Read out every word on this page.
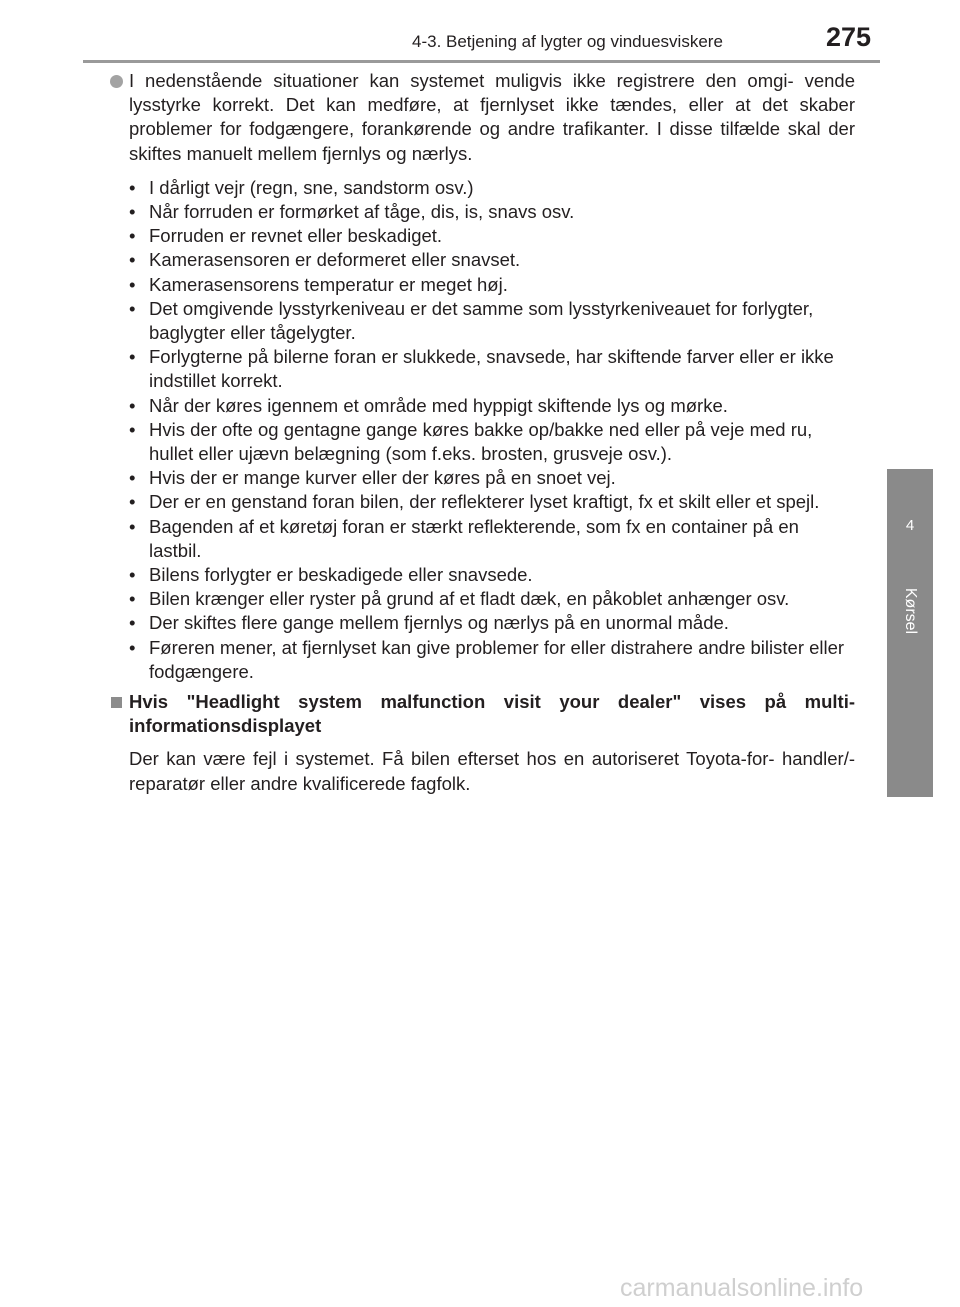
4-3. Betjening af lygter og vinduesviskere	275
4
Kørsel
I nedenstående situationer kan systemet muligvis ikke registrere den omgi- vende lysstyrke korrekt. Det kan medføre, at fjernlyset ikke tændes, eller at det skaber problemer for fodgængere, forankørende og andre trafikanter. I disse tilfælde skal der skiftes manuelt mellem fjernlys og nærlys.
• I dårligt vejr (regn, sne, sandstorm osv.)
• Når forruden er formørket af tåge, dis, is, snavs osv.
• Forruden er revnet eller beskadiget.
• Kamerasensoren er deformeret eller snavset.
• Kamerasensorens temperatur er meget høj.
• Det omgivende lysstyrkeniveau er det samme som lysstyrkeniveauet for forlygter, baglygter eller tågelygter.
• Forlygterne på bilerne foran er slukkede, snavsede, har skiftende farver eller er ikke indstillet korrekt.
• Når der køres igennem et område med hyppigt skiftende lys og mørke.
• Hvis der ofte og gentagne gange køres bakke op/bakke ned eller på veje med ru, hullet eller ujævn belægning (som f.eks. brosten, grusveje osv.).
• Hvis der er mange kurver eller der køres på en snoet vej.
• Der er en genstand foran bilen, der reflekterer lyset kraftigt, fx et skilt eller et spejl.
• Bagenden af et køretøj foran er stærkt reflekterende, som fx en container på en lastbil.
• Bilens forlygter er beskadigede eller snavsede.
• Bilen krænger eller ryster på grund af et fladt dæk, en påkoblet anhænger osv.
• Der skiftes flere gange mellem fjernlys og nærlys på en unormal måde.
• Føreren mener, at fjernlyset kan give problemer for eller distrahere andre bilister eller fodgængere.
Hvis "Headlight system malfunction visit your dealer" vises på multi- informationsdisplayet
Der kan være fejl i systemet. Få bilen efterset hos en autoriseret Toyota-for- handler/-reparatør eller andre kvalificerede fagfolk.
carmanualsonline.info
